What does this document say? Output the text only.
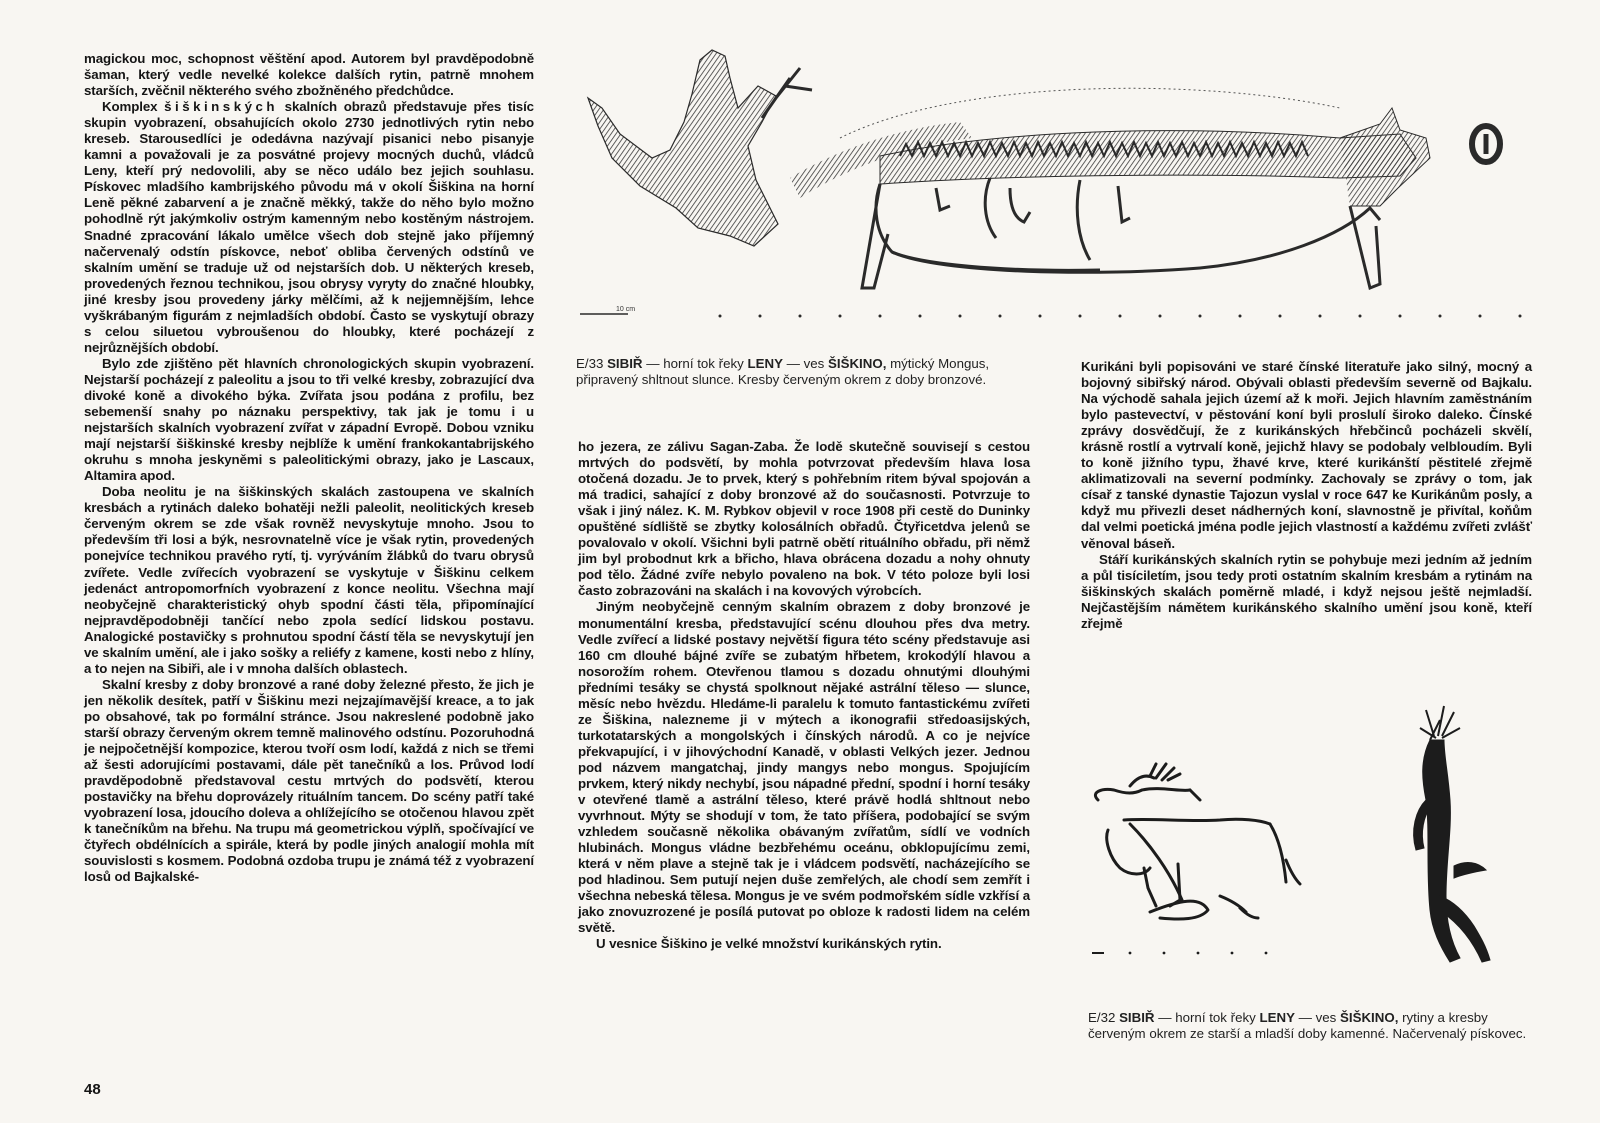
magickou moc, schopnost věštění apod. Autorem byl pravděpodobně šaman, který vedle nevelké kolekce dalších rytin, patrně mnohem starších, zvěčnil některého svého zbožněného předchůdce.

Komplex šiškinských skalních obrazů představuje přes tisíc skupin vyobrazení, obsahujících okolo 2730 jednotlivých rytin nebo kreseb. Starousedlíci je odedávna nazývají pisanici nebo pisanyje kamni a považovali je za posvátné projevy mocných duchů, vládců Leny, kteří prý nedovolili, aby se něco událo bez jejich souhlasu. Pískovec mladšího kambrijského původu má v okolí Šiškina na horní Leně pěkné zabarvení a je značně měkký, takže do něho bylo možno pohodlně rýt jakýmkoliv ostrým kamenným nebo kostěným nástrojem. Snadné zpracování lákalo umělce všech dob stejně jako příjemný načervenalý odstín pískovce, neboť obliba červených odstínů ve skalním umění se traduje už od nejstarších dob. U některých kreseb, provedených řeznou technikou, jsou obrysy vyryty do značné hloubky, jiné kresby jsou provedeny járky mělčími, až k nejjemnějším, lehce vyškrábaným figurám z nejmladších období. Často se vyskytují obrazy s celou siluetou vybroušenou do hloubky, které pocházejí z nejrůznějších období.

Bylo zde zjištěno pět hlavních chronologických skupin vyobrazení. Nejstarší pocházejí z paleolitu a jsou to tři velké kresby, zobrazující dva divoké koně a divokého býka. Zvířata jsou podána z profilu, bez sebemenší snahy po náznaku perspektivy, tak jak je tomu i u nejstarších skalních vyobrazení zvířat v západní Evropě. Dobou vzniku mají nejstarší šiškinské kresby nejblíže k umění frankokantabrijského okruhu s mnoha jeskyněmi s paleolitickými obrazy, jako je Lascaux, Altamira apod.

Doba neolitu je na šiškinských skalách zastoupena ve skalních kresbách a rytinách daleko bohatěji nežli paleolit, neolitických kreseb červeným okrem se zde však rovněž nevyskytuje mnoho. Jsou to především tři losi a býk, nesrovnatelně více je však rytin, provedených ponejvíce technikou pravého rytí, tj. vyrýváním žlábků do tvaru obrysů zvířete. Vedle zvířecích vyobrazení se vyskytuje v Šiškinu celkem jedenáct antropomorfních vyobrazení z konce neolitu. Všechna mají neobyčejně charakteristický ohyb spodní části těla, připomínající nejpravděpodobněji tančící nebo zpola sedící lidskou postavu. Analogické postavičky s prohnutou spodní částí těla se nevyskytují jen ve skalním umění, ale i jako sošky a reliéfy z kamene, kosti nebo z hlíny, a to nejen na Sibiři, ale i v mnoha dalších oblastech.

Skalní kresby z doby bronzové a rané doby železné přesto, že jich je jen několik desítek, patří v Šiškinu mezi nejzajímavější kreace, a to jak po obsahové, tak po formální stránce. Jsou nakreslené podobně jako starší obrazy červeným okrem temně malinového odstínu. Pozoruhodná je nejpočetnější kompozice, kterou tvoří osm lodí, každá z nich se třemi až šesti adorujícími postavami, dále pět tanečníků a los. Průvod lodí pravděpodobně představoval cestu mrtvých do podsvětí, kterou postavičky na břehu doprovázely rituálním tancem. Do scény patří také vyobrazení losa, jdoucího doleva a ohlížejícího se otočenou hlavou zpět k tanečníkům na břehu. Na trupu má geometrickou výplň, spočívající ve čtyřech obdélnících a spirále, která by podle jiných analogií mohla mít souvislosti s kosmem. Podobná ozdoba trupu je známá též z vyobrazení losů od Bajkalské-

10 cm
E/33 SIBIŘ — horní tok řeky LENY — ves ŠIŠKINO, mýtický Mongus, připravený shltnout slunce. Kresby červeným okrem z doby bronzové.

ho jezera, ze zálivu Sagan-Zaba. Že lodě skutečně souvisejí s cestou mrtvých do podsvětí, by mohla potvrzovat především hlava losa otočená dozadu. Je to prvek, který s pohřebním ritem býval spojován a má tradici, sahající z doby bronzové až do současnosti. Potvrzuje to však i jiný nález. K. M. Rybkov objevil v roce 1908 při cestě do Duninky opuštěné sídliště se zbytky kolosálních obřadů. Čtyřicetdva jelenů se povalovalo v okolí. Všichni byli patrně obětí rituálního obřadu, při němž jim byl probodnut krk a břicho, hlava obrácena dozadu a nohy ohnuty pod tělo. Žádné zvíře nebylo povaleno na bok. V této poloze byli losi často zobrazováni na skalách i na kovových výrobcích.

Jiným neobyčejně cenným skalním obrazem z doby bronzové je monumentální kresba, představující scénu dlouhou přes dva metry. Vedle zvířecí a lidské postavy největší figura této scény představuje asi 160 cm dlouhé bájné zvíře se zubatým hřbetem, krokodýlí hlavou a nosorožím rohem. Otevřenou tlamou s dozadu ohnutými dlouhými předními tesáky se chystá spolknout nějaké astrální těleso — slunce, měsíc nebo hvězdu. Hledáme-li paralelu k tomuto fantastickému zvířeti ze Šiškina, nalezneme ji v mýtech a ikonografii středoasijských, turkotatarských a mongolských i čínských národů. A co je nejvíce překvapující, i v jihovýchodní Kanadě, v oblasti Velkých jezer. Jednou pod názvem mangatchaj, jindy mangys nebo mongus. Spojujícím prvkem, který nikdy nechybí, jsou nápadné přední, spodní i horní tesáky v otevřené tlamě a astrální těleso, které právě hodlá shltnout nebo vyvrhnout. Mýty se shodují v tom, že tato příšera, podobající se svým vzhledem současně několika obávaným zvířatům, sídlí ve vodních hlubinách. Mongus vládne bezbřehému oceánu, obklopujícímu zemi, která v něm plave a stejně tak je i vládcem podsvětí, nacházejícího se pod hladinou. Sem putují nejen duše zemřelých, ale chodí sem zemřít i všechna nebeská tělesa. Mongus je ve svém podmořském sídle vzkřísí a jako znovuzrozené je posílá putovat po obloze k radosti lidem na celém světě.

U vesnice Šiškino je velké množství kurikánských rytin.

Kurikáni byli popisováni ve staré čínské literatuře jako silný, mocný a bojovný sibiřský národ. Obývali oblasti především severně od Bajkalu. Na východě sahala jejich území až k moři. Jejich hlavním zaměstnáním bylo pastevectví, v pěstování koní byli proslulí široko daleko. Čínské zprávy dosvědčují, že z kurikánských hřebčinců pocházeli skvělí, krásně rostlí a vytrvalí koně, jejichž hlavy se podobaly velbloudím. Byli to koně jižního typu, žhavé krve, které kurikánští pěstitelé zřejmě aklimatizovali na severní podmínky. Zachovaly se zprávy o tom, jak císař z tanské dynastie Tajozun vyslal v roce 647 ke Kurikánům posly, a když mu přivezli deset nádherných koní, slavnostně je přivítal, koňům dal velmi poetická jména podle jejich vlastností a každému zvířeti zvlášť věnoval báseň.

Stáří kurikánských skalních rytin se pohybuje mezi jedním až jedním a půl tisíciletím, jsou tedy proti ostatním skalním kresbám a rytinám na šiškinských skalách poměrně mladé, i když nejsou ještě nejmladší. Nejčastějším námětem kurikánského skalního umění jsou koně, kteří zřejmě

E/32 SIBIŘ — horní tok řeky LENY — ves ŠIŠKINO, rytiny a kresby červeným okrem ze starší a mladší doby kamenné. Načervenalý pískovec.
48
